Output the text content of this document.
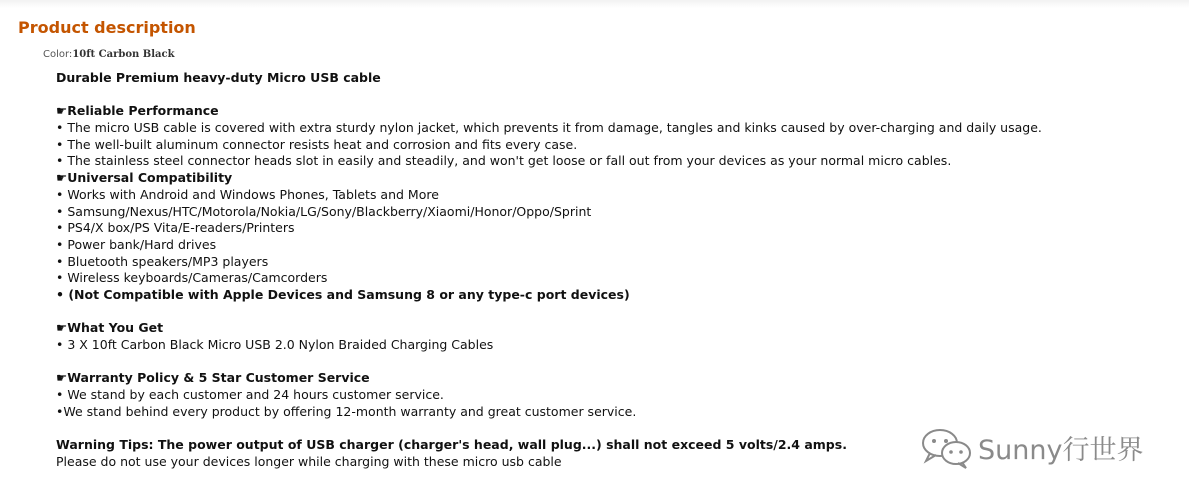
Product description
Color:10ft Carbon Black
Durable Premium heavy-duty Micro USB cable
☛Reliable Performance
• The micro USB cable is covered with extra sturdy nylon jacket, which prevents it from damage, tangles and kinks caused by over-charging and daily usage.
• The well-built aluminum connector resists heat and corrosion and fits every case.
• The stainless steel connector heads slot in easily and steadily, and won't get loose or fall out from your devices as your normal micro cables.
☛Universal Compatibility
• Works with Android and Windows Phones, Tablets and More
• Samsung/Nexus/HTC/Motorola/Nokia/LG/Sony/Blackberry/Xiaomi/Honor/Oppo/Sprint
• PS4/X box/PS Vita/E-readers/Printers
• Power bank/Hard drives
• Bluetooth speakers/MP3 players
• Wireless keyboards/Cameras/Camcorders
• (Not Compatible with Apple Devices and Samsung 8 or any type-c port devices)
☛What You Get
• 3 X 10ft Carbon Black Micro USB 2.0 Nylon Braided Charging Cables
☛Warranty Policy & 5 Star Customer Service
• We stand by each customer and 24 hours customer service.
•We stand behind every product by offering 12-month warranty and great customer service.
Warning Tips: The power output of USB charger (charger's head, wall plug...) shall not exceed 5 volts/2.4 amps.
Please do not use your devices longer while charging with these micro usb cable	Sunny行世界
